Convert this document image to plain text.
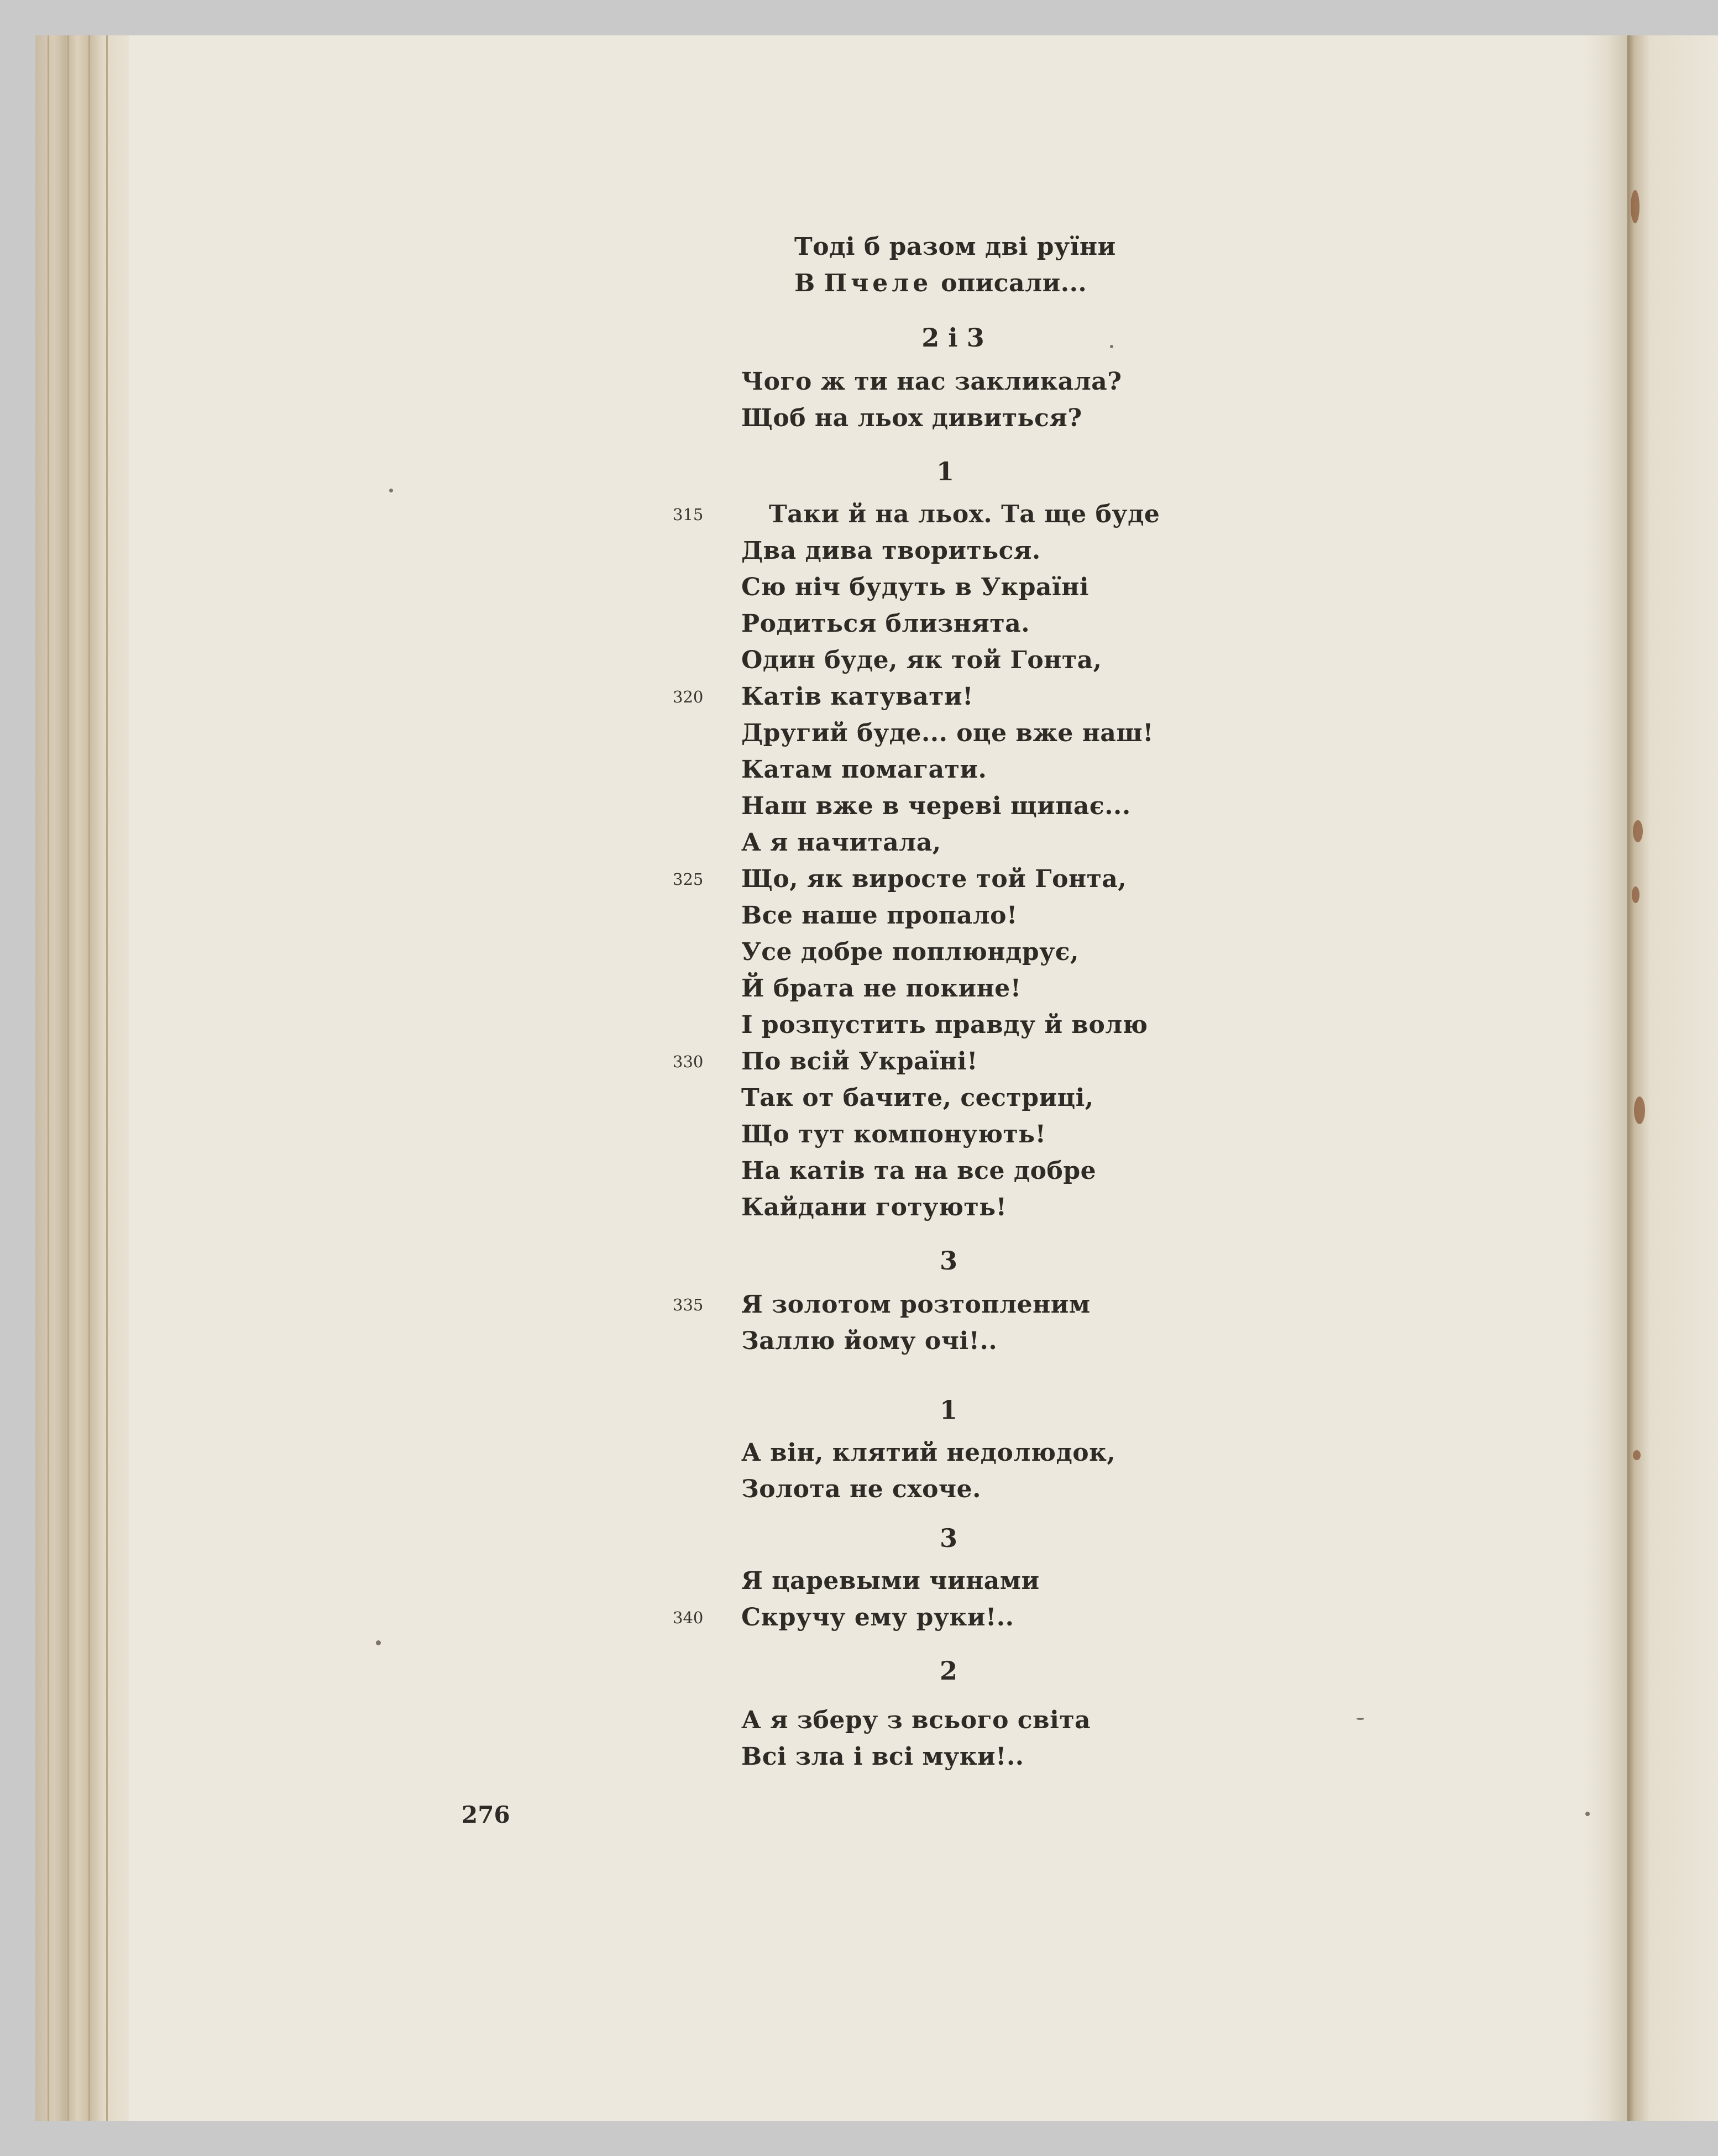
Тоді б разом дві руїни
В Пчеле описали...
2 і 3
Чого ж ти нас закликала?
Щоб на льох дивиться?
1
315	Таки й на льох. Та ще буде
Два дива твориться.
Сю ніч будуть в Україні
Родиться близнята.
Один буде, як той Гонта,
320 Катів катувати!
Другий буде... оце вже наш!
Катам помагати.
Наш вже в череві щипає...
А я начитала,
325 Що, як виросте той Гонта,
Все наше пропало!
Усе добре поплюндрує,
Й брата не покине!
І розпустить правду й волю
330 По всій Україні!
Так от бачите, сестриці,
Що тут компонують!
На катів та на все добре
Кайдани готують!
3
335 Я золотом розтопленим
Заллю йому очі!..
1
А він, клятий недолюдок,
Золота не схоче.
3
Я царевыми чинами
340 Скручу ему руки!..
2
А я зберу з всього світа
Всі зла і всі муки!..
276
